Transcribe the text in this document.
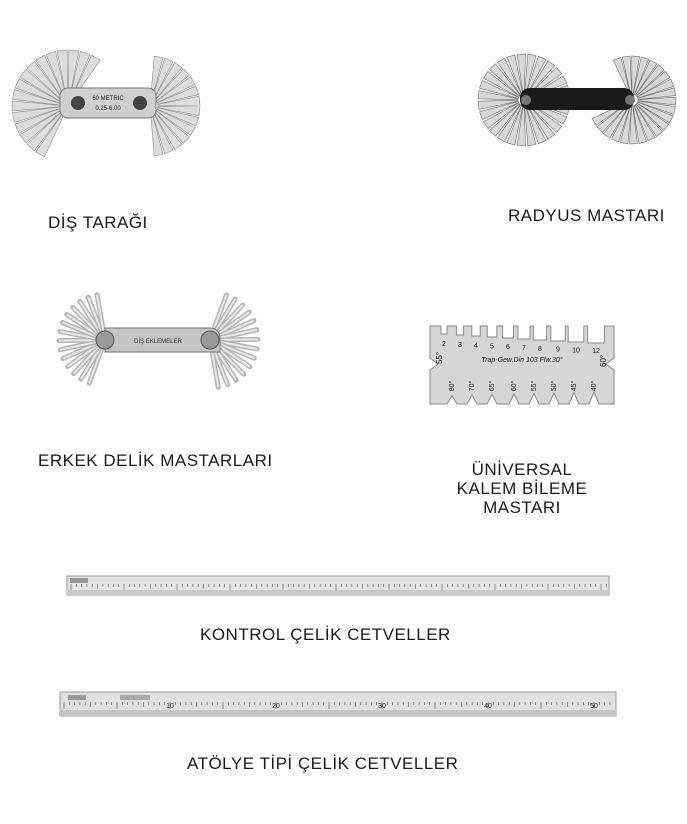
60 METRIC
0.25-6.00
DİŞ TARAĞI	RADYUS MASTARI
DİŞ EKLEMELER
ERKEK DELİK MASTARLARI
2 3 4 5 6 7 8 9 10 12
Trap-Gew.Din 103 Flw.30°
55°	60°
80° 70° 65° 60° 55° 50° 45° 40°
ÜNİVERSAL
KALEM BİLEME
MASTARI
KONTROL ÇELİK CETVELLER
10	20	30	40	50
ATÖLYE TİPİ ÇELİK CETVELLER
